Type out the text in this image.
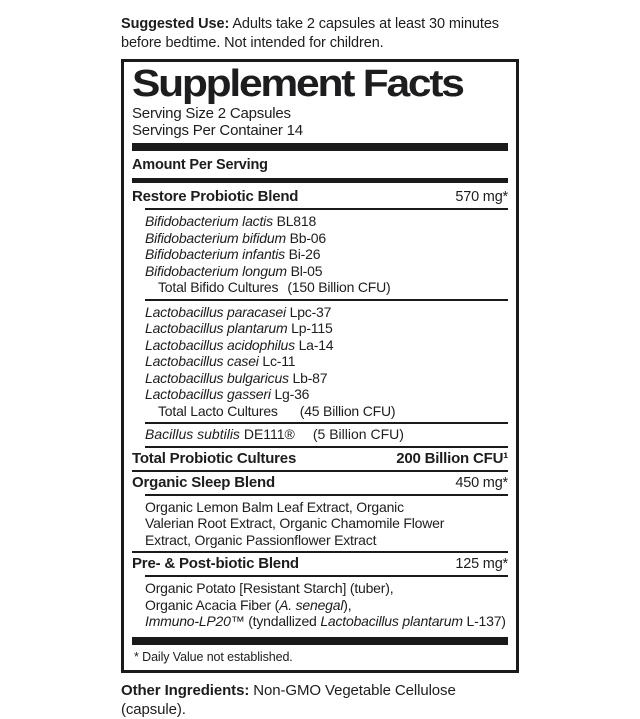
Suggested Use: Adults take 2 capsules at least 30 minutes before bedtime. Not intended for children.

Supplement Facts
Serving Size 2 Capsules
Servings Per Container 14
Amount Per Serving
Restore Probiotic Blend	570 mg*
Bifidobacterium lactis BL818
Bifidobacterium bifidum Bb-06
Bifidobacterium infantis Bi-26
Bifidobacterium longum Bl-05
Total Bifido Cultures (150 Billion CFU)
Lactobacillus paracasei Lpc-37
Lactobacillus plantarum Lp-115
Lactobacillus acidophilus La-14
Lactobacillus casei Lc-11
Lactobacillus bulgaricus Lb-87
Lactobacillus gasseri Lg-36
Total Lacto Cultures (45 Billion CFU)
Bacillus subtilis DE111® (5 Billion CFU)
Total Probiotic Cultures	200 Billion CFU¹
Organic Sleep Blend	450 mg*
Organic Lemon Balm Leaf Extract, Organic
Valerian Root Extract, Organic Chamomile Flower
Extract, Organic Passionflower Extract
Pre- & Post-biotic Blend	125 mg*
Organic Potato [Resistant Starch] (tuber),
Organic Acacia Fiber (A. senegal),
Immuno-LP20™ (tyndallized Lactobacillus plantarum L-137)
* Daily Value not established.

Other Ingredients: Non-GMO Vegetable Cellulose (capsule).
